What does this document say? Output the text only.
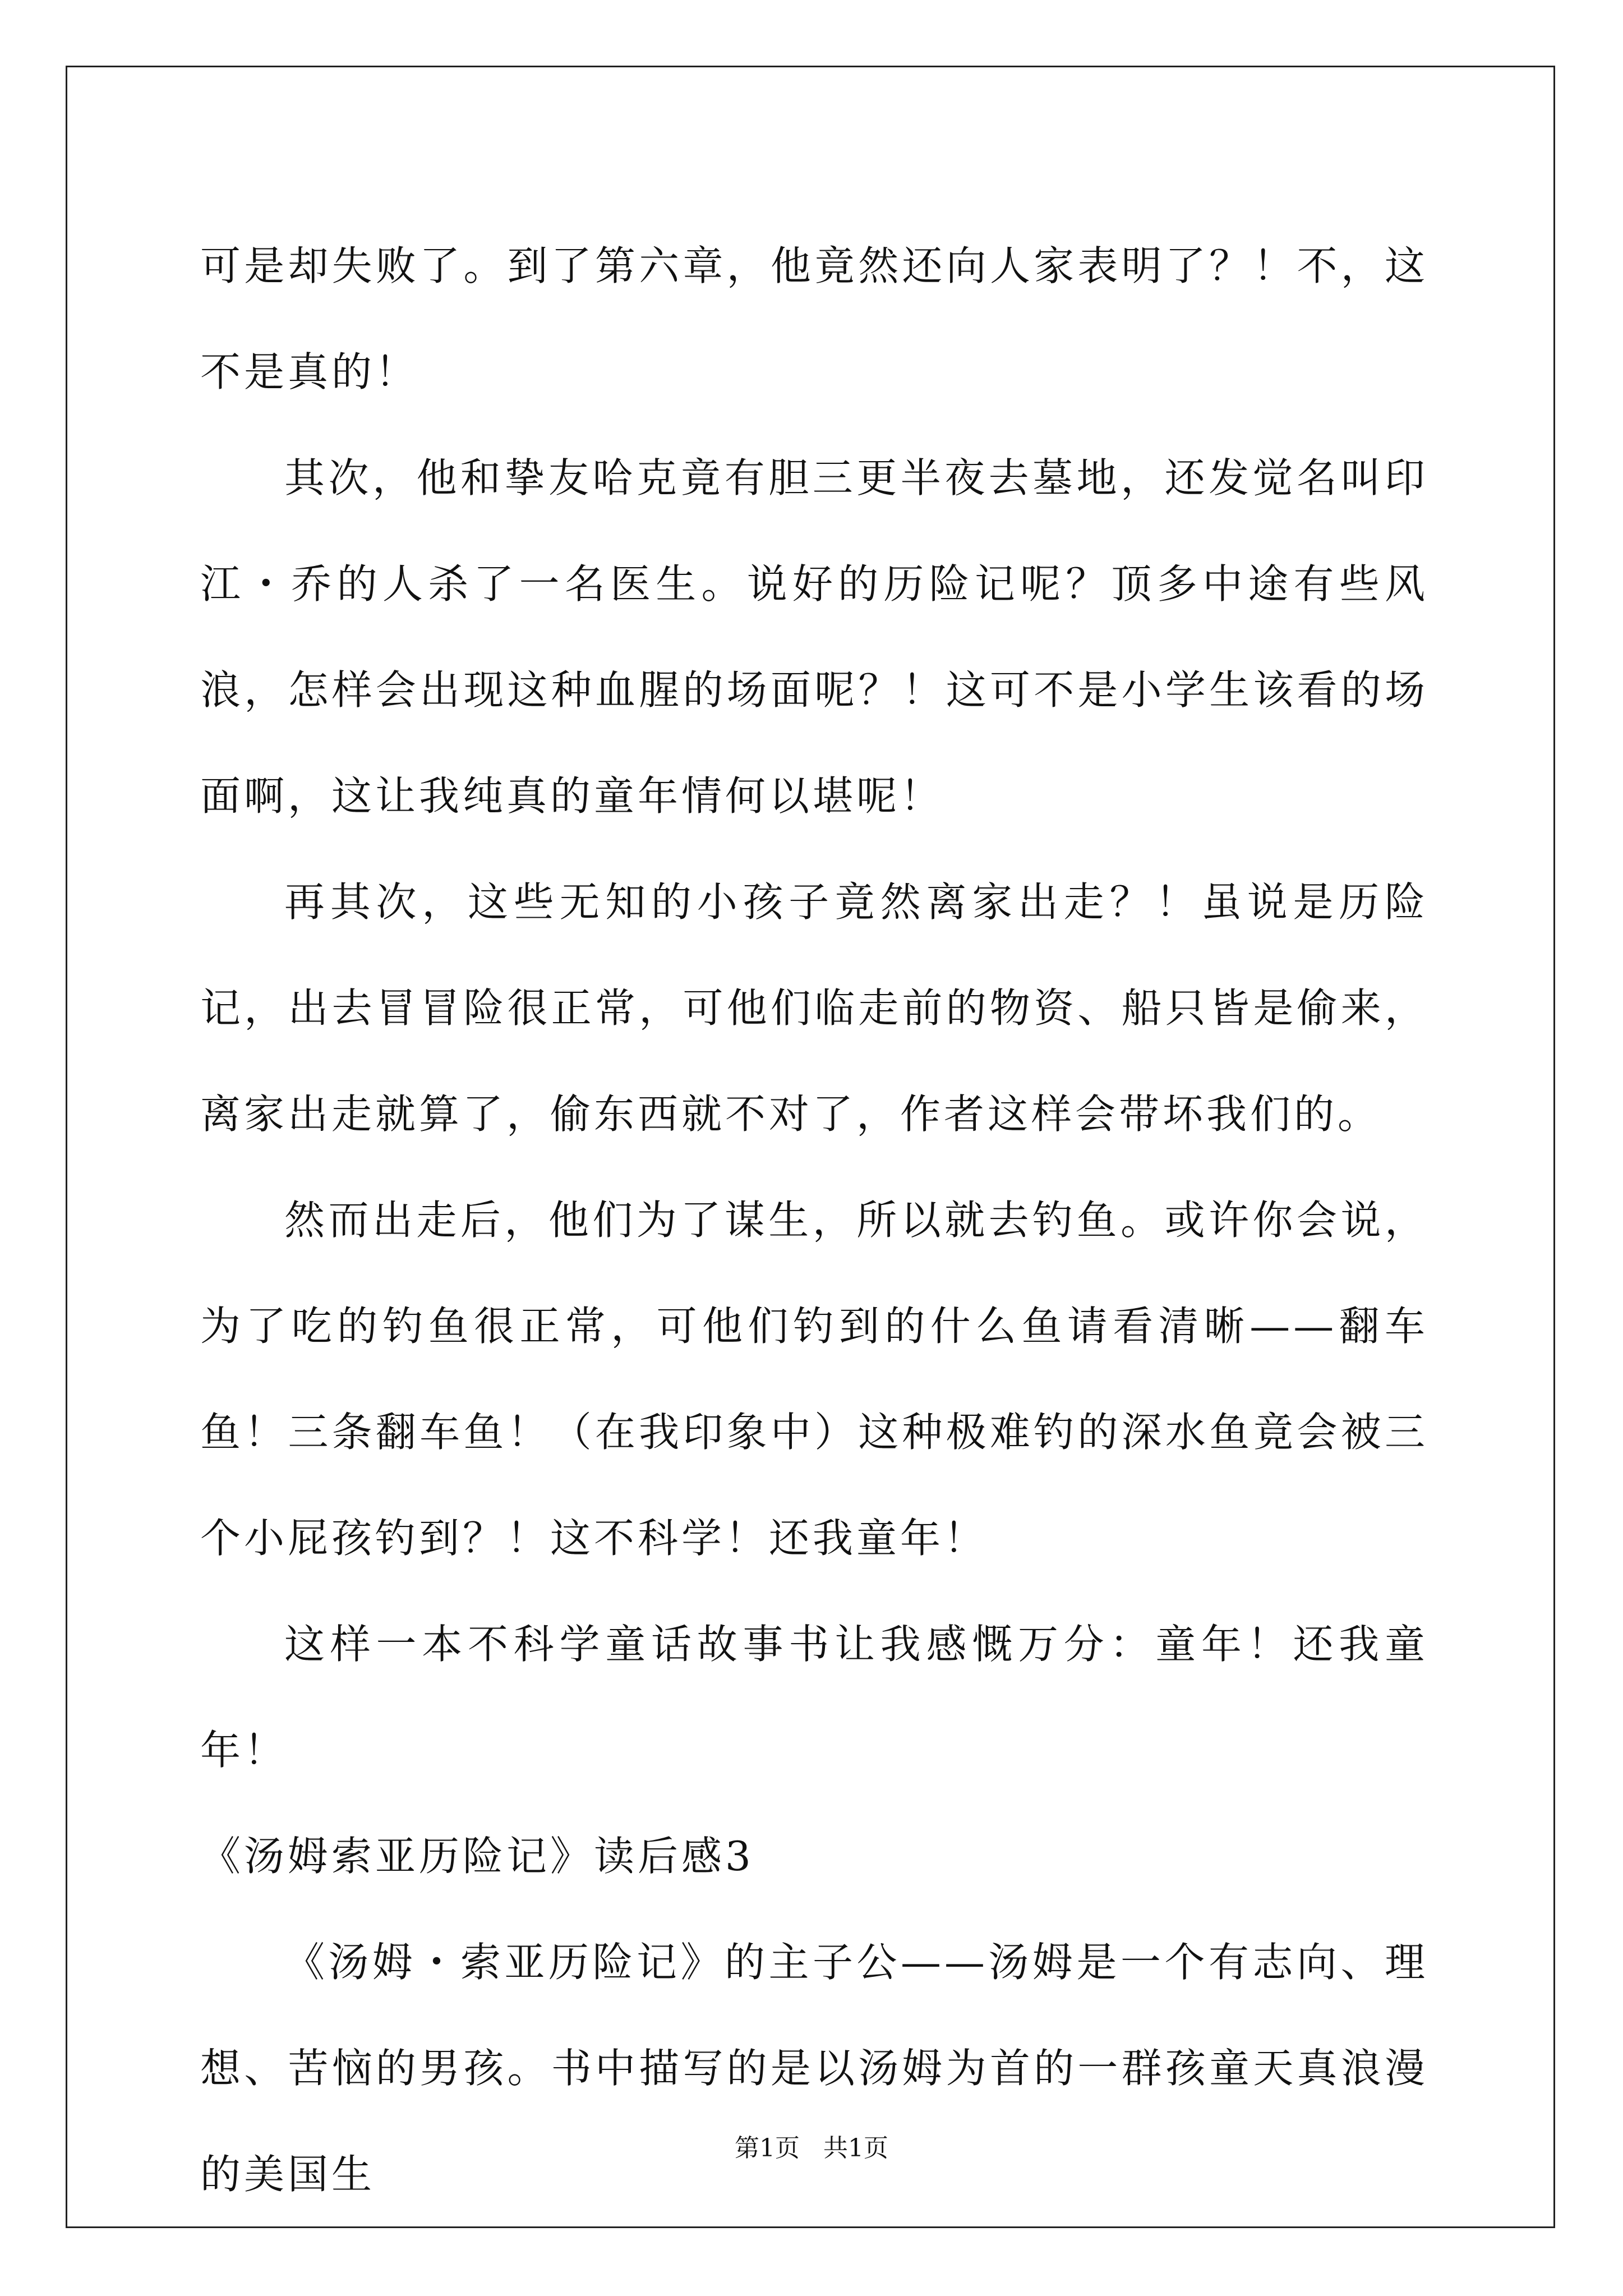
可是却失败了。到了第六章，他竟然还向人家表明了？！不，这不是真的！

其次，他和挚友哈克竟有胆三更半夜去墓地，还发觉名叫印江・乔的人杀了一名医生。说好的历险记呢？顶多中途有些风浪，怎样会出现这种血腥的场面呢？！这可不是小学生该看的场面啊，这让我纯真的童年情何以堪呢！

再其次，这些无知的小孩子竟然离家出走？！虽说是历险记，出去冒冒险很正常，可他们临走前的物资、船只皆是偷来，离家出走就算了，偷东西就不对了，作者这样会带坏我们的。

然而出走后，他们为了谋生，所以就去钓鱼。或许你会说，为了吃的钓鱼很正常，可他们钓到的什么鱼请看清晰——翻车鱼！三条翻车鱼！（在我印象中）这种极难钓的深水鱼竟会被三个小屁孩钓到？！这不科学！还我童年！

这样一本不科学童话故事书让我感慨万分：童年！还我童年！

《汤姆索亚历险记》读后感3

《汤姆・索亚历险记》的主子公——汤姆是一个有志向、理想、苦恼的男孩。书中描写的是以汤姆为首的一群孩童天真浪漫的美国生

第1页 共1页
